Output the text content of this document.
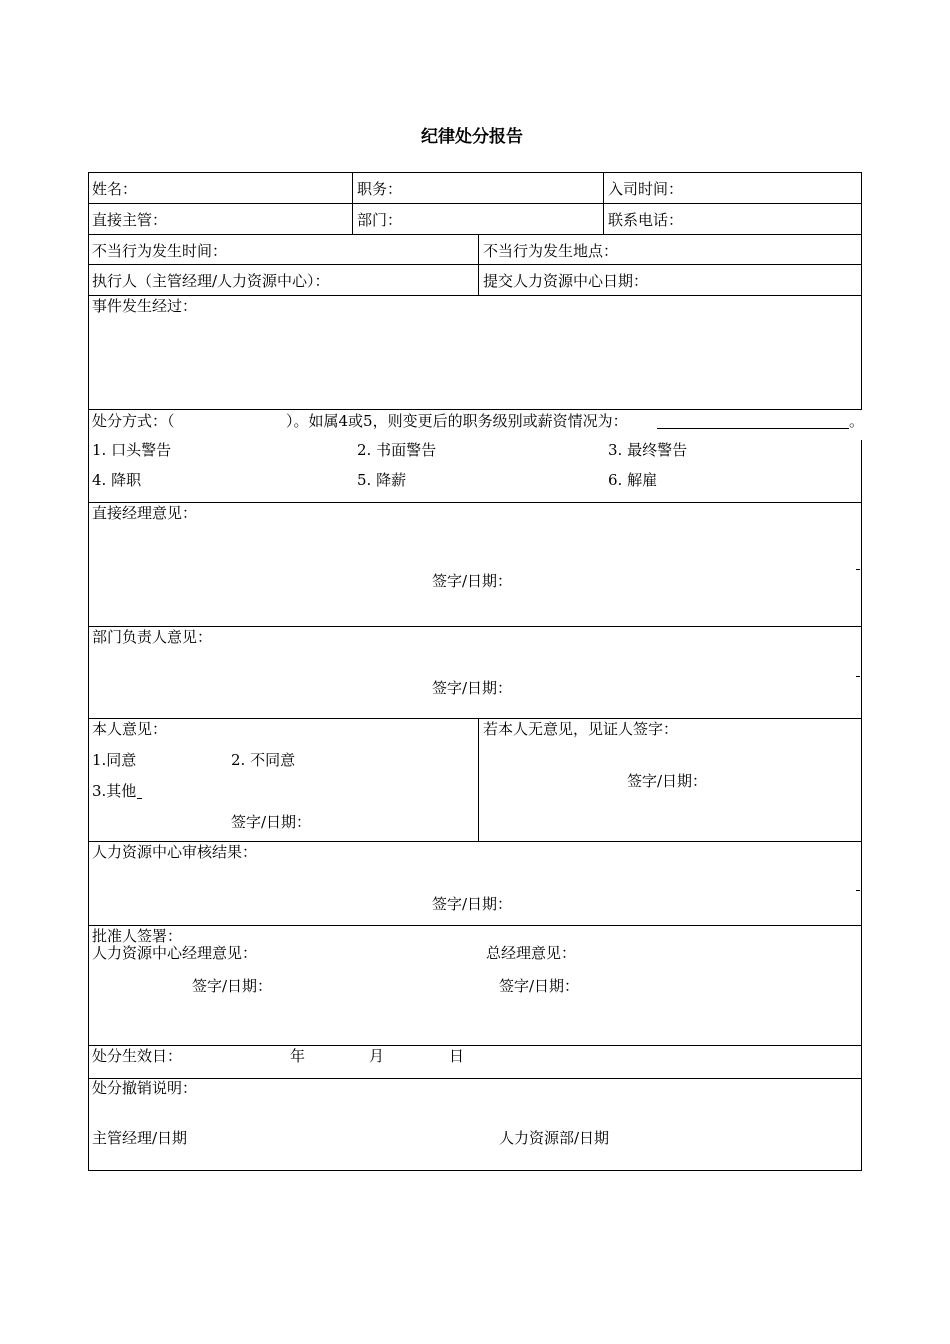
纪律处分报告
姓名：	职务：	入司时间：
直接主管：	部门：	联系电话：
不当行为发生时间：	不当行为发生地点：
执行人（主管经理/人力资源中心）：	提交人力资源中心日期：
事件发生经过：
处分方式：（	）。如属4或5，则变更后的职务级别或薪资情况为：	。
1. 口头警告	2. 书面警告	3. 最终警告
4. 降职	5. 降薪	6. 解雇
直接经理意见：
签字/日期：
部门负责人意见：
签字/日期：
本人意见：
1.同意	2. 不同意
3.其他
签字/日期：
若本人无意见，见证人签字：
签字/日期：
人力资源中心审核结果：
签字/日期：
批准人签署：
人力资源中心经理意见：	总经理意见：
签字/日期：	签字/日期：
处分生效日：	年	月	日
处分撤销说明：
主管经理/日期	人力资源部/日期
